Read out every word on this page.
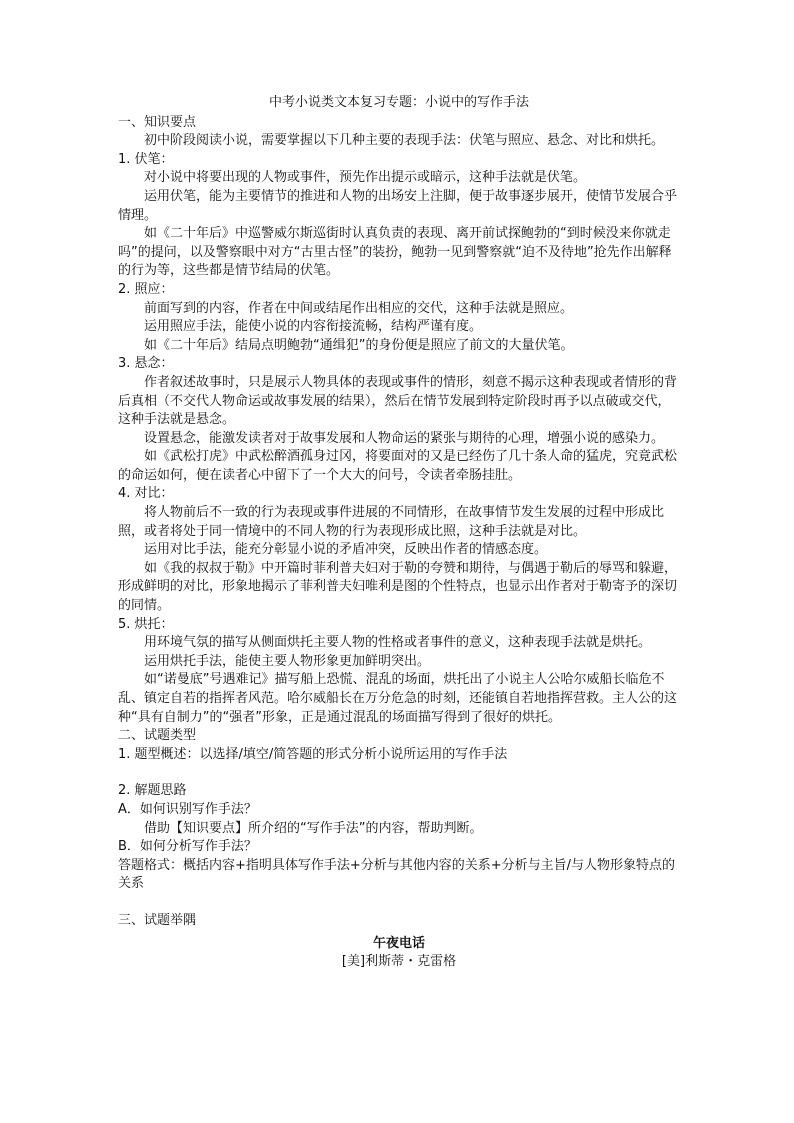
中考小说类文本复习专题：小说中的写作手法
一、知识要点
初中阶段阅读小说，需要掌握以下几种主要的表现手法：伏笔与照应、悬念、对比和烘托。
1. 伏笔：
对小说中将要出现的人物或事件，预先作出提示或暗示，这种手法就是伏笔。
运用伏笔，能为主要情节的推进和人物的出场安上注脚，便于故事逐步展开，使情节发展合乎情理。
如《二十年后》中巡警威尔斯巡街时认真负责的表现、离开前试探鲍勃的“到时候没来你就走吗”的提问，以及警察眼中对方“古里古怪”的装扮，鲍勃一见到警察就“迫不及待地”抢先作出解释的行为等，这些都是情节结局的伏笔。
2. 照应：
前面写到的内容，作者在中间或结尾作出相应的交代，这种手法就是照应。
运用照应手法，能使小说的内容衔接流畅，结构严谨有度。
如《二十年后》结局点明鲍勃“通缉犯”的身份便是照应了前文的大量伏笔。
3. 悬念：
作者叙述故事时，只是展示人物具体的表现或事件的情形，刻意不揭示这种表现或者情形的背后真相（不交代人物命运或故事发展的结果），然后在情节发展到特定阶段时再予以点破或交代，这种手法就是悬念。
设置悬念，能激发读者对于故事发展和人物命运的紧张与期待的心理，增强小说的感染力。
如《武松打虎》中武松醉酒孤身过冈，将要面对的又是已经伤了几十条人命的猛虎，究竟武松的命运如何，便在读者心中留下了一个大大的问号，令读者牵肠挂肚。
4. 对比：
将人物前后不一致的行为表现或事件进展的不同情形，在故事情节发生发展的过程中形成比照，或者将处于同一情境中的不同人物的行为表现形成比照，这种手法就是对比。
运用对比手法，能充分彰显小说的矛盾冲突，反映出作者的情感态度。
如《我的叔叔于勒》中开篇时菲利普夫妇对于勒的夸赞和期待，与偶遇于勒后的辱骂和躲避，形成鲜明的对比，形象地揭示了菲利普夫妇唯利是图的个性特点，也显示出作者对于勒寄予的深切的同情。
5. 烘托：
用环境气氛的描写从侧面烘托主要人物的性格或者事件的意义，这种表现手法就是烘托。
运用烘托手法，能使主要人物形象更加鲜明突出。
如“诺曼底”号遇难记》描写船上恐慌、混乱的场面，烘托出了小说主人公哈尔威船长临危不乱、镇定自若的指挥者风范。哈尔威船长在万分危急的时刻，还能镇自若地指挥营救。主人公的这种“具有自制力”的“强者”形象，正是通过混乱的场面描写得到了很好的烘托。
二、试题类型
1. 题型概述：以选择/填空/简答题的形式分析小说所运用的写作手法
2. 解题思路
A．如何识别写作手法？
借助【知识要点】所介绍的“写作手法”的内容，帮助判断。
B．如何分析写作手法？
答题格式：概括内容+指明具体写作手法+分析与其他内容的关系+分析与主旨/与人物形象特点的关系
三、试题举隅
午夜电话
[美]利斯蒂・克雷格
